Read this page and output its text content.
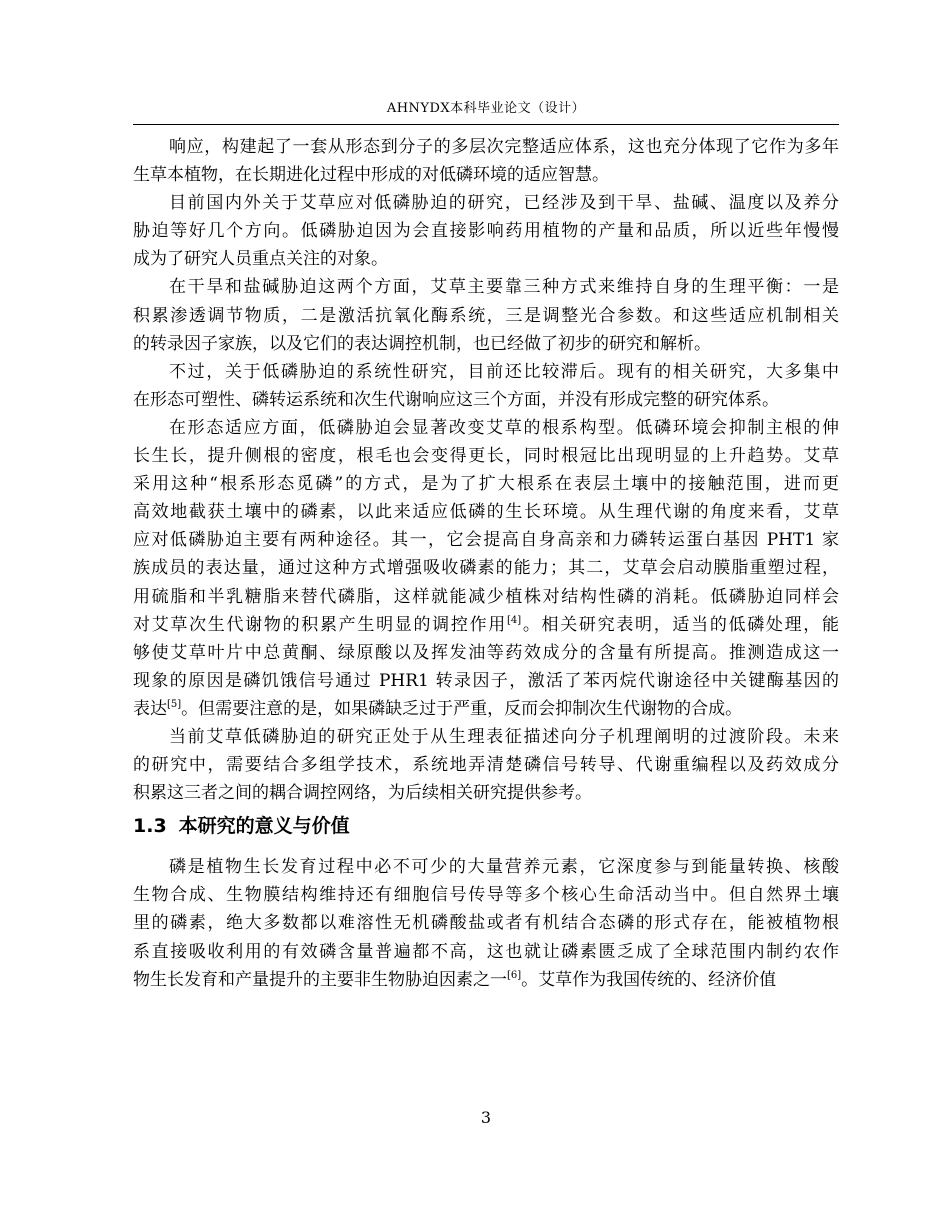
AHNYDX本科毕业论文（设计）
响应，构建起了一套从形态到分子的多层次完整适应体系，这也充分体现了它作为多年
生草本植物，在长期进化过程中形成的对低磷环境的适应智慧。
目前国内外关于艾草应对低磷胁迫的研究，已经涉及到干旱、盐碱、温度以及养分
胁迫等好几个方向。低磷胁迫因为会直接影响药用植物的产量和品质，所以近些年慢慢
成为了研究人员重点关注的对象。
在干旱和盐碱胁迫这两个方面，艾草主要靠三种方式来维持自身的生理平衡：一是
积累渗透调节物质，二是激活抗氧化酶系统，三是调整光合参数。和这些适应机制相关
的转录因子家族，以及它们的表达调控机制，也已经做了初步的研究和解析。
不过，关于低磷胁迫的系统性研究，目前还比较滞后。现有的相关研究，大多集中
在形态可塑性、磷转运系统和次生代谢响应这三个方面，并没有形成完整的研究体系。
在形态适应方面，低磷胁迫会显著改变艾草的根系构型。低磷环境会抑制主根的伸
长生长，提升侧根的密度，根毛也会变得更长，同时根冠比出现明显的上升趋势。艾草
采用这种“根系形态觅磷”的方式，是为了扩大根系在表层土壤中的接触范围，进而更
高效地截获土壤中的磷素，以此来适应低磷的生长环境。从生理代谢的角度来看，艾草
应对低磷胁迫主要有两种途径。其一，它会提高自身高亲和力磷转运蛋白基因 PHT1 家
族成员的表达量，通过这种方式增强吸收磷素的能力；其二，艾草会启动膜脂重塑过程，
用硫脂和半乳糖脂来替代磷脂，这样就能减少植株对结构性磷的消耗。低磷胁迫同样会
对艾草次生代谢物的积累产生明显的调控作用[4]。相关研究表明，适当的低磷处理，能
够使艾草叶片中总黄酮、绿原酸以及挥发油等药效成分的含量有所提高。推测造成这一
现象的原因是磷饥饿信号通过 PHR1 转录因子，激活了苯丙烷代谢途径中关键酶基因的
表达[5]。但需要注意的是，如果磷缺乏过于严重，反而会抑制次生代谢物的合成。
当前艾草低磷胁迫的研究正处于从生理表征描述向分子机理阐明的过渡阶段。未来
的研究中，需要结合多组学技术，系统地弄清楚磷信号转导、代谢重编程以及药效成分
积累这三者之间的耦合调控网络，为后续相关研究提供参考。
1.3 本研究的意义与价值
磷是植物生长发育过程中必不可少的大量营养元素，它深度参与到能量转换、核酸
生物合成、生物膜结构维持还有细胞信号传导等多个核心生命活动当中。但自然界土壤
里的磷素，绝大多数都以难溶性无机磷酸盐或者有机结合态磷的形式存在，能被植物根
系直接吸收利用的有效磷含量普遍都不高，这也就让磷素匮乏成了全球范围内制约农作
物生长发育和产量提升的主要非生物胁迫因素之一[6]。艾草作为我国传统的、经济价值
3
